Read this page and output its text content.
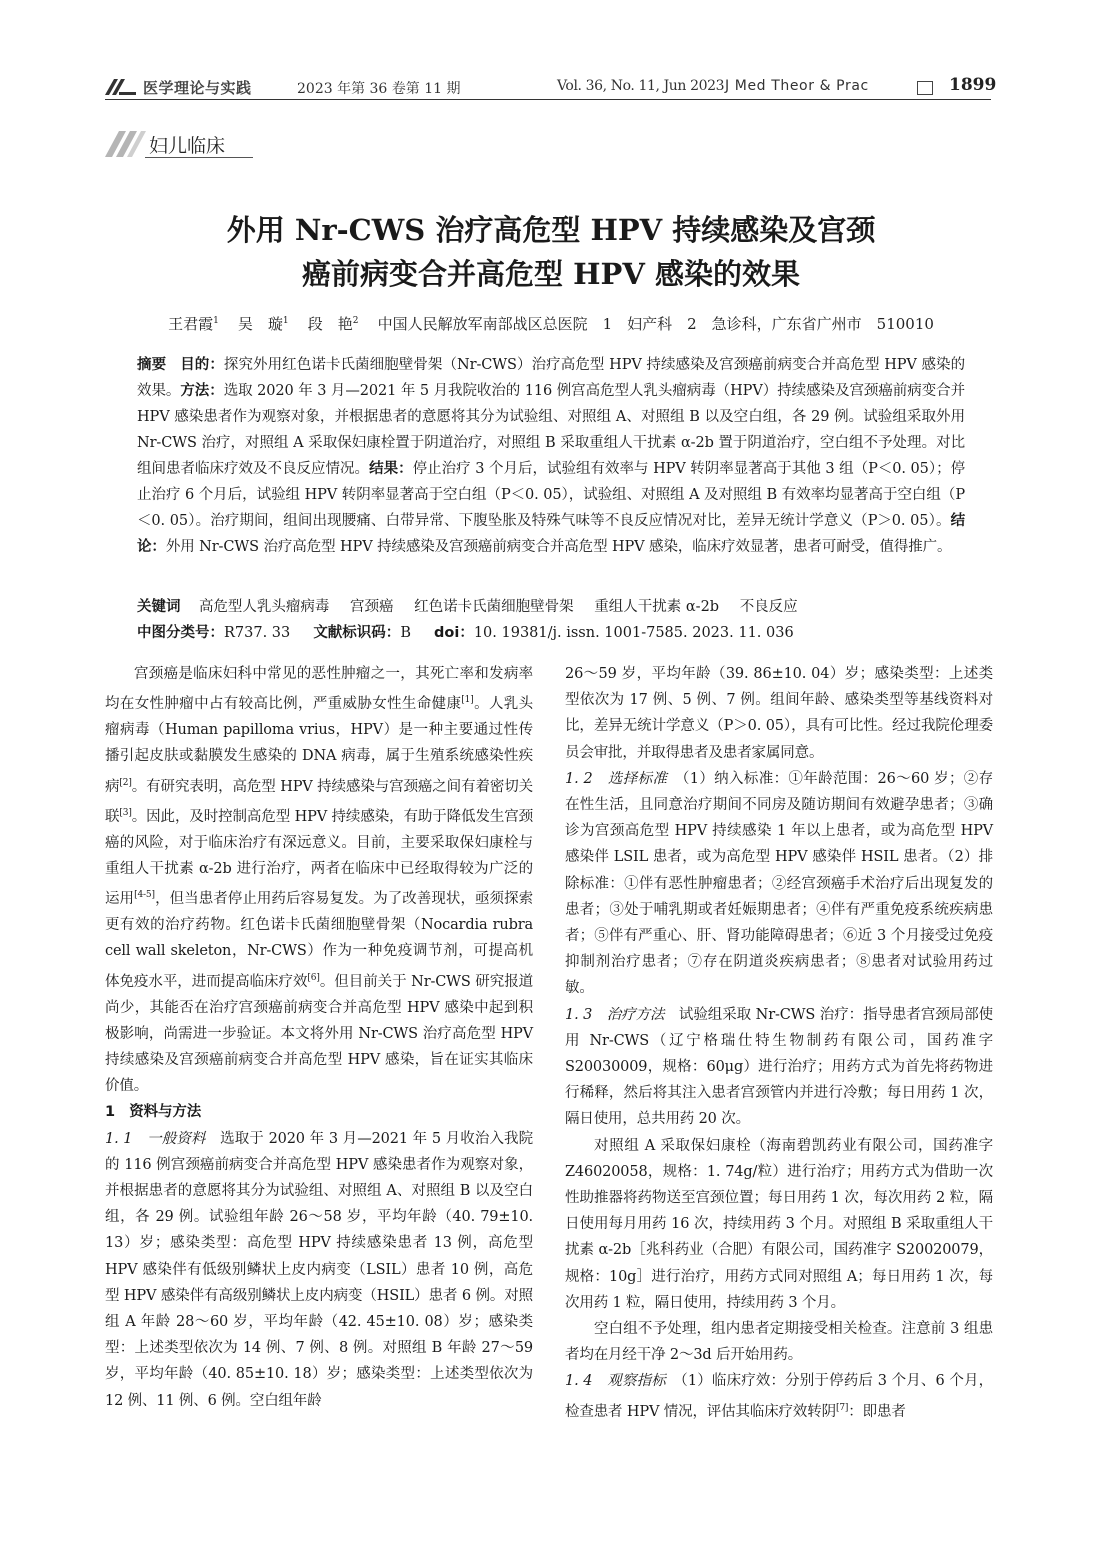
医学理论与实践	2023 年第 36 卷第 11 期	Vol. 36, No. 11, Jun 2023 J Med Theor & Prac	1899
妇儿临床
外用 Nr-CWS 治疗高危型 HPV 持续感染及宫颈
癌前病变合并高危型 HPV 感染的效果
王君霞$^1$ 吴　璇$^1$ 段　艳$^2$ 中国人民解放军南部战区总医院　1　妇产科　2　急诊科，广东省广州市　510010

摘要 目的：探究外用红色诺卡氏菌细胞壁骨架（Nr-CWS）治疗高危型 HPV 持续感染及宫颈癌前病变合并高危型 HPV 感染的效果。方法：选取 2020 年 3 月—2021 年 5 月我院收治的 116 例宫高危型人乳头瘤病毒（HPV）持续感染及宫颈癌前病变合并 HPV 感染患者作为观察对象，并根据患者的意愿将其分为试验组、对照组 A、对照组 B 以及空白组，各 29 例。试验组采取外用 Nr-CWS 治疗，对照组 A 采取保妇康栓置于阴道治疗，对照组 B 采取重组人干扰素 α-2b 置于阴道治疗，空白组不予处理。对比组间患者临床疗效及不良反应情况。结果：停止治疗 3 个月后，试验组有效率与 HPV 转阴率显著高于其他 3 组（P＜0. 05）；停止治疗 6 个月后，试验组 HPV 转阴率显著高于空白组（P＜0. 05），试验组、对照组 A 及对照组 B 有效率均显著高于空白组（P＜0. 05）。治疗期间，组间出现腰痛、白带异常、下腹坠胀及特殊气味等不良反应情况对比，差异无统计学意义（P＞0. 05）。结论：外用 Nr-CWS 治疗高危型 HPV 持续感染及宫颈癌前病变合并高危型 HPV 感染，临床疗效显著，患者可耐受，值得推广。

关键词 高危型人乳头瘤病毒 宫颈癌 红色诺卡氏菌细胞壁骨架 重组人干扰素 α-2b 不良反应
中图分类号：R737. 33 文献标识码：B doi：10. 19381/j. issn. 1001-7585. 2023. 11. 036

宫颈癌是临床妇科中常见的恶性肿瘤之一，其死亡率和发病率均在女性肿瘤中占有较高比例，严重威胁女性生命健康[1]。人乳头瘤病毒（Human papilloma vrius，HPV）是一种主要通过性传播引起皮肤或黏膜发生感染的 DNA 病毒，属于生殖系统感染性疾病[2]。有研究表明，高危型 HPV 持续感染与宫颈癌之间有着密切关联[3]。因此，及时控制高危型 HPV 持续感染，有助于降低发生宫颈癌的风险，对于临床治疗有深远意义。目前，主要采取保妇康栓与重组人干扰素 α-2b 进行治疗，两者在临床中已经取得较为广泛的运用[4-5]，但当患者停止用药后容易复发。为了改善现状，亟须探索更有效的治疗药物。红色诺卡氏菌细胞壁骨架（Nocardia rubra cell wall skeleton，Nr-CWS）作为一种免疫调节剂，可提高机体免疫水平，进而提高临床疗效[6]。但目前关于 Nr-CWS 研究报道尚少，其能否在治疗宫颈癌前病变合并高危型 HPV 感染中起到积极影响，尚需进一步验证。本文将外用 Nr-CWS 治疗高危型 HPV 持续感染及宫颈癌前病变合并高危型 HPV 感染，旨在证实其临床价值。

1　资料与方法

1. 1　一般资料　选取于 2020 年 3 月—2021 年 5 月收治入我院的 116 例宫颈癌前病变合并高危型 HPV 感染患者作为观察对象，并根据患者的意愿将其分为试验组、对照组 A、对照组 B 以及空白组，各 29 例。试验组年龄 26～58 岁，平均年龄（40. 79±10. 13）岁；感染类型：高危型 HPV 持续感染患者 13 例，高危型 HPV 感染伴有低级别鳞状上皮内病变（LSIL）患者 10 例，高危型 HPV 感染伴有高级别鳞状上皮内病变（HSIL）患者 6 例。对照组 A 年龄 28～60 岁，平均年龄（42. 45±10. 08）岁；感染类型：上述类型依次为 14 例、7 例、8 例。对照组 B 年龄 27～59 岁，平均年龄（40. 85±10. 18）岁；感染类型：上述类型依次为 12 例、11 例、6 例。空白组年龄

26～59 岁，平均年龄（39. 86±10. 04）岁；感染类型：上述类型依次为 17 例、5 例、7 例。组间年龄、感染类型等基线资料对比，差异无统计学意义（P＞0. 05），具有可比性。经过我院伦理委员会审批，并取得患者及患者家属同意。

1. 2　选择标准　（1）纳入标准：①年龄范围：26～60 岁；②存在性生活，且同意治疗期间不同房及随访期间有效避孕患者；③确诊为宫颈高危型 HPV 持续感染 1 年以上患者，或为高危型 HPV 感染伴 LSIL 患者，或为高危型 HPV 感染伴 HSIL 患者。（2）排除标准：①伴有恶性肿瘤患者；②经宫颈癌手术治疗后出现复发的患者；③处于哺乳期或者妊娠期患者；④伴有严重免疫系统疾病患者；⑤伴有严重心、肝、肾功能障碍患者；⑥近 3 个月接受过免疫抑制剂治疗患者；⑦存在阴道炎疾病患者；⑧患者对试验用药过敏。

1. 3　治疗方法　试验组采取 Nr-CWS 治疗：指导患者宫颈局部使用 Nr-CWS（辽宁格瑞仕特生物制药有限公司，国药准字 S20030009，规格：60μg）进行治疗；用药方式为首先将药物进行稀释，然后将其注入患者宫颈管内并进行冷敷；每日用药 1 次，隔日使用，总共用药 20 次。

对照组 A 采取保妇康栓（海南碧凯药业有限公司，国药准字 Z46020058，规格：1. 74g/粒）进行治疗；用药方式为借助一次性助推器将药物送至宫颈位置；每日用药 1 次，每次用药 2 粒，隔日使用每月用药 16 次，持续用药 3 个月。对照组 B 采取重组人干扰素 α-2b［兆科药业（合肥）有限公司，国药准字 S20020079，规格：10g］进行治疗，用药方式同对照组 A；每日用药 1 次，每次用药 1 粒，隔日使用，持续用药 3 个月。

空白组不予处理，组内患者定期接受相关检查。注意前 3 组患者均在月经干净 2～3d 后开始用药。

1. 4　观察指标　（1）临床疗效：分别于停药后 3 个月、6 个月，检查患者 HPV 情况，评估其临床疗效转阴[7]：即患者
